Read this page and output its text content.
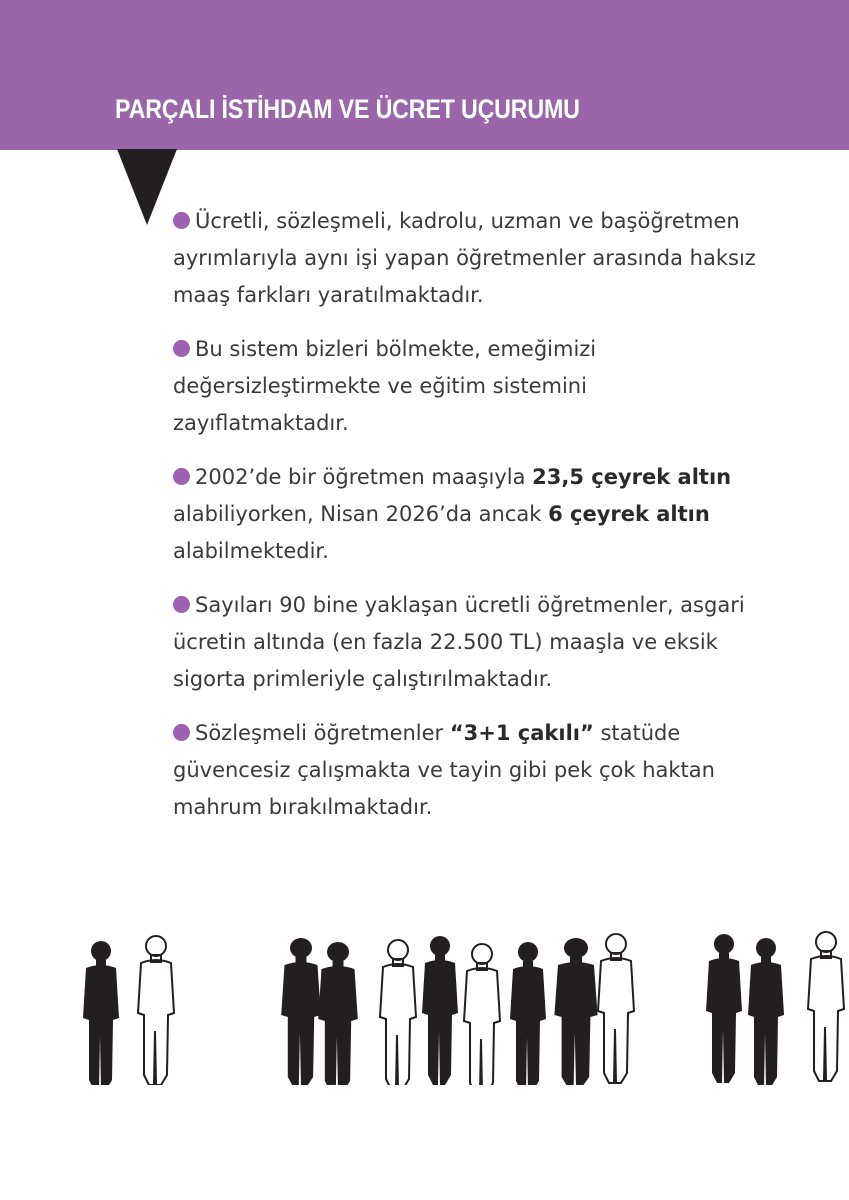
PARÇALI İSTİHDAM VE ÜCRET UÇURUMU

Ücretli, sözleşmeli, kadrolu, uzman ve başöğretmen ayrımlarıyla aynı işi yapan öğretmenler arasında haksız maaş farkları yaratılmaktadır.

Bu sistem bizleri bölmekte, emeğimizi değersizleştirmekte ve eğitim sistemini zayıflatmaktadır.

2002’de bir öğretmen maaşıyla 23,5 çeyrek altın alabiliyorken, Nisan 2026’da ancak 6 çeyrek altın alabilmektedir.

Sayıları 90 bine yaklaşan ücretli öğretmenler, asgari ücretin altında (en fazla 22.500 TL) maaşla ve eksik sigorta primleriyle çalıştırılmaktadır.

Sözleşmeli öğretmenler “3+1 çakılı” statüde güvencesiz çalışmakta ve tayin gibi pek çok haktan mahrum bırakılmaktadır.
